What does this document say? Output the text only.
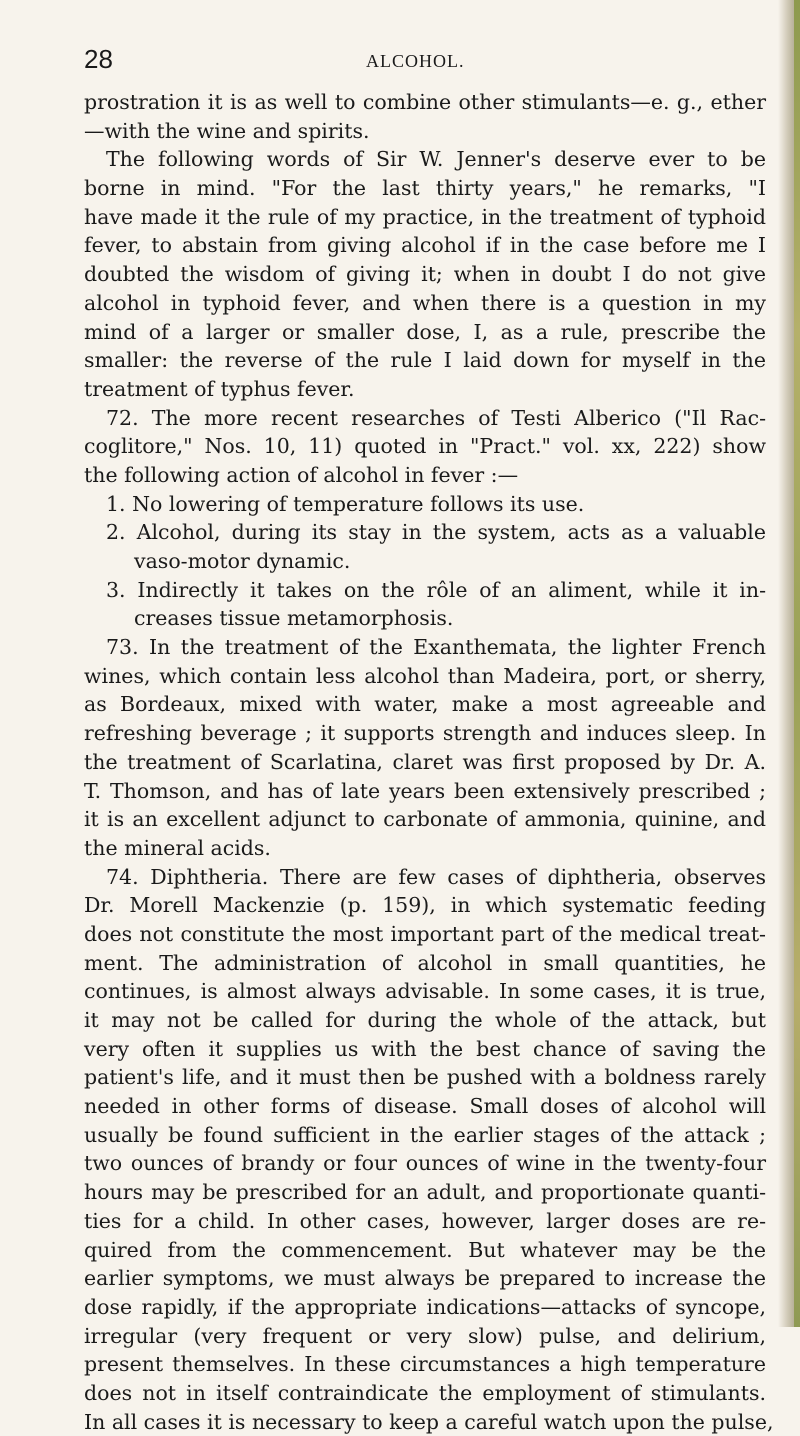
28	ALCOHOL.
prostration it is as well to combine other stimulants—e. g., ether
—with the wine and spirits.
The following words of Sir W. Jenner's deserve ever to be
borne in mind. "For the last thirty years," he remarks, "I
have made it the rule of my practice, in the treatment of typhoid
fever, to abstain from giving alcohol if in the case before me I
doubted the wisdom of giving it; when in doubt I do not give
alcohol in typhoid fever, and when there is a question in my
mind of a larger or smaller dose, I, as a rule, prescribe the
smaller: the reverse of the rule I laid down for myself in the
treatment of typhus fever.
72. The more recent researches of Testi Alberico ("Il Rac-
coglitore," Nos. 10, 11) quoted in "Pract." vol. xx, 222) show
the following action of alcohol in fever :—
1. No lowering of temperature follows its use.
2. Alcohol, during its stay in the system, acts as a valuable
vaso-motor dynamic.
3. Indirectly it takes on the rôle of an aliment, while it in-
creases tissue metamorphosis.
73. In the treatment of the Exanthemata, the lighter French
wines, which contain less alcohol than Madeira, port, or sherry,
as Bordeaux, mixed with water, make a most agreeable and
refreshing beverage ; it supports strength and induces sleep. In
the treatment of Scarlatina, claret was first proposed by Dr. A.
T. Thomson, and has of late years been extensively prescribed ;
it is an excellent adjunct to carbonate of ammonia, quinine, and
the mineral acids.
74. Diphtheria. There are few cases of diphtheria, observes
Dr. Morell Mackenzie (p. 159), in which systematic feeding
does not constitute the most important part of the medical treat-
ment. The administration of alcohol in small quantities, he
continues, is almost always advisable. In some cases, it is true,
it may not be called for during the whole of the attack, but
very often it supplies us with the best chance of saving the
patient's life, and it must then be pushed with a boldness rarely
needed in other forms of disease. Small doses of alcohol will
usually be found sufficient in the earlier stages of the attack ;
two ounces of brandy or four ounces of wine in the twenty-four
hours may be prescribed for an adult, and proportionate quanti-
ties for a child. In other cases, however, larger doses are re-
quired from the commencement. But whatever may be the
earlier symptoms, we must always be prepared to increase the
dose rapidly, if the appropriate indications—attacks of syncope,
irregular (very frequent or very slow) pulse, and delirium,
present themselves. In these circumstances a high temperature
does not in itself contraindicate the employment of stimulants.
In all cases it is necessary to keep a careful watch upon the pulse,
